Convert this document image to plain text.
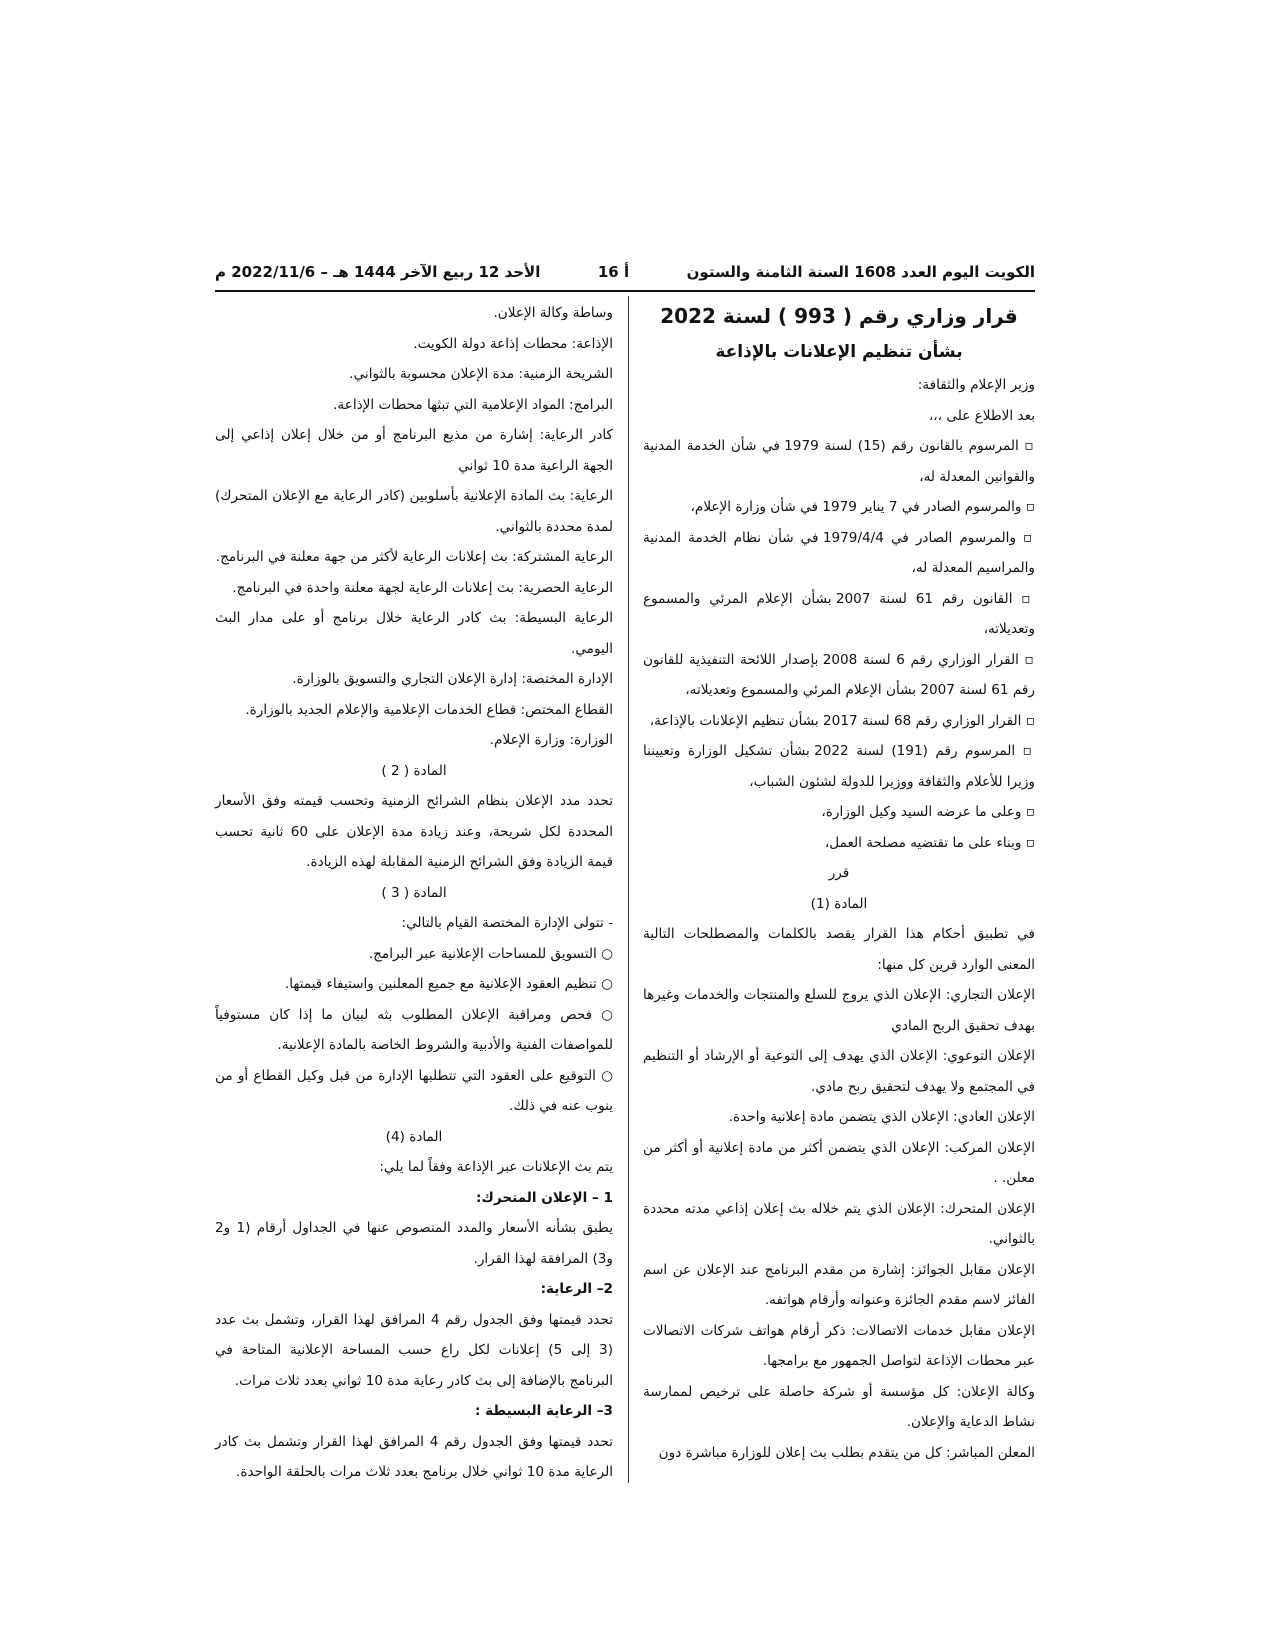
الكويت اليوم العدد 1608 السنة الثامنة والستون
أ 16
الأحد 12 ربيع الآخر 1444 هـ – 2022/11/6 م

قرار وزاري رقم ( 993 ) لسنة 2022

بشأن تنظيم الإعلانات بالإذاعة

وزير الإعلام والثقافة:

بعد الاطلاع على ،،،

▫ المرسوم بالقانون رقم (15) لسنة 1979 في شأن الخدمة المدنية والقوانين المعدلة له،

▫ والمرسوم الصادر في 7 يناير 1979 في شأن وزارة الإعلام،

▫ والمرسوم الصادر في 1979/4/4 في شأن نظام الخدمة المدنية والمراسيم المعدلة له،

▫ القانون رقم 61 لسنة 2007 بشأن الإعلام المرئي والمسموع وتعديلاته،

▫ القرار الوزاري رقم 6 لسنة 2008 بإصدار اللائحة التنفيذية للقانون رقم 61 لسنة 2007 بشأن الإعلام المرئي والمسموع وتعديلاته،

▫ القرار الوزاري رقم 68 لسنة 2017 بشأن تنظيم الإعلانات بالإذاعة،

▫ المرسوم رقم (191) لسنة 2022 بشأن تشكيل الوزارة وتعييننا وزيرا للأعلام والثقافة ووزيرا للدولة لشئون الشباب،

▫ وعلى ما عرضه السيد وكيل الوزارة،

▫ وبناء على ما تقتضيه مصلحة العمل،

قرر

المادة (1)

في تطبيق أحكام هذا القرار يقصد بالكلمات والمصطلحات التالية المعنى الوارد قرين كل منها:

الإعلان التجاري: الإعلان الذي يروج للسلع والمنتجات والخدمات وغيرها بهدف تحقيق الربح المادي

الإعلان التوعوي: الإعلان الذي يهدف إلى التوعية أو الإرشاد أو التنظيم في المجتمع ولا يهدف لتحقيق ربح مادي.

الإعلان العادي: الإعلان الذي يتضمن مادة إعلانية واحدة.

الإعلان المركب: الإعلان الذي يتضمن أكثر من مادة إعلانية أو أكثر من معلن. .

الإعلان المتحرك: الإعلان الذي يتم خلاله بث إعلان إذاعي مدته محددة بالثواني.

الإعلان مقابل الجوائز: إشارة من مقدم البرنامج عند الإعلان عن اسم الفائز لاسم مقدم الجائزة وعنوانه وأرقام هواتفه.

الإعلان مقابل خدمات الاتصالات: ذكر أرقام هواتف شركات الاتصالات عبر محطات الإذاعة لتواصل الجمهور مع برامجها.

وكالة الإعلان: كل مؤسسة أو شركة حاصلة على ترخيص لممارسة نشاط الدعاية والإعلان.

المعلن المباشر: كل من يتقدم بطلب بث إعلان للوزارة مباشرة دون

وساطة وكالة الإعلان.

الإذاعة: محطات إذاعة دولة الكويت.

الشريحة الزمنية: مدة الإعلان محسوبة بالثواني.

البرامج: المواد الإعلامية التي تبثها محطات الإذاعة.

كادر الرعاية: إشارة من مذيع البرنامج أو من خلال إعلان إذاعي إلى الجهة الراعية مدة 10 ثواني

الرعاية: بث المادة الإعلانية بأسلوبين (كادر الرعاية مع الإعلان المتحرك) لمدة محددة بالثواني.

الرعاية المشتركة: بث إعلانات الرعاية لأكثر من جهة معلنة في البرنامج.

الرعاية الحصرية: بث إعلانات الرعاية لجهة معلنة واحدة في البرنامج.

الرعاية البسيطة: بث كادر الرعاية خلال برنامج أو على مدار البث اليومي.

الإدارة المختصة: إدارة الإعلان التجاري والتسويق بالوزارة.

القطاع المختص: قطاع الخدمات الإعلامية والإعلام الجديد بالوزارة.

الوزارة: وزارة الإعلام.

المادة ( 2 )

تحدد مدد الإعلان بنظام الشرائح الزمنية وتحسب قيمته وفق الأسعار المحددة لكل شريحة، وعند زيادة مدة الإعلان على 60 ثانية تحسب قيمة الزيادة وفق الشرائح الزمنية المقابلة لهذه الزيادة.

المادة ( 3 )

- تتولى الإدارة المختصة القيام بالتالي:

○ التسويق للمساحات الإعلانية عبر البرامج.

○ تنظيم العقود الإعلانية مع جميع المعلنين واستيفاء قيمتها.

○ فحص ومراقبة الإعلان المطلوب بثه لبيان ما إذا كان مستوفياً للمواصفات الفنية والأدبية والشروط الخاصة بالمادة الإعلانية.

○ التوقيع على العقود التي تتطلبها الإدارة من قبل وكيل القطاع أو من ينوب عنه في ذلك.

المادة (4)

يتم بث الإعلانات عبر الإذاعة وفقاً لما يلي:

1 – الإعلان المتحرك:

يطبق بشأنه الأسعار والمدد المنصوص عنها في الجداول أرقام (1 و2 و3) المرافقة لهذا القرار.

2– الرعاية:

تحدد قيمتها وفق الجدول رقم 4 المرافق لهذا القرار، وتشمل بث عدد (3 إلى 5) إعلانات لكل راع حسب المساحة الإعلانية المتاحة في البرنامج بالإضافة إلى بث كادر رعاية مدة 10 ثواني بعدد ثلاث مرات.

3– الرعاية البسيطة :

تحدد قيمتها وفق الجدول رقم 4 المرافق لهذا القرار وتشمل بث كادر الرعاية مدة 10 ثواني خلال برنامج بعدد ثلاث مرات بالحلقة الواحدة.
